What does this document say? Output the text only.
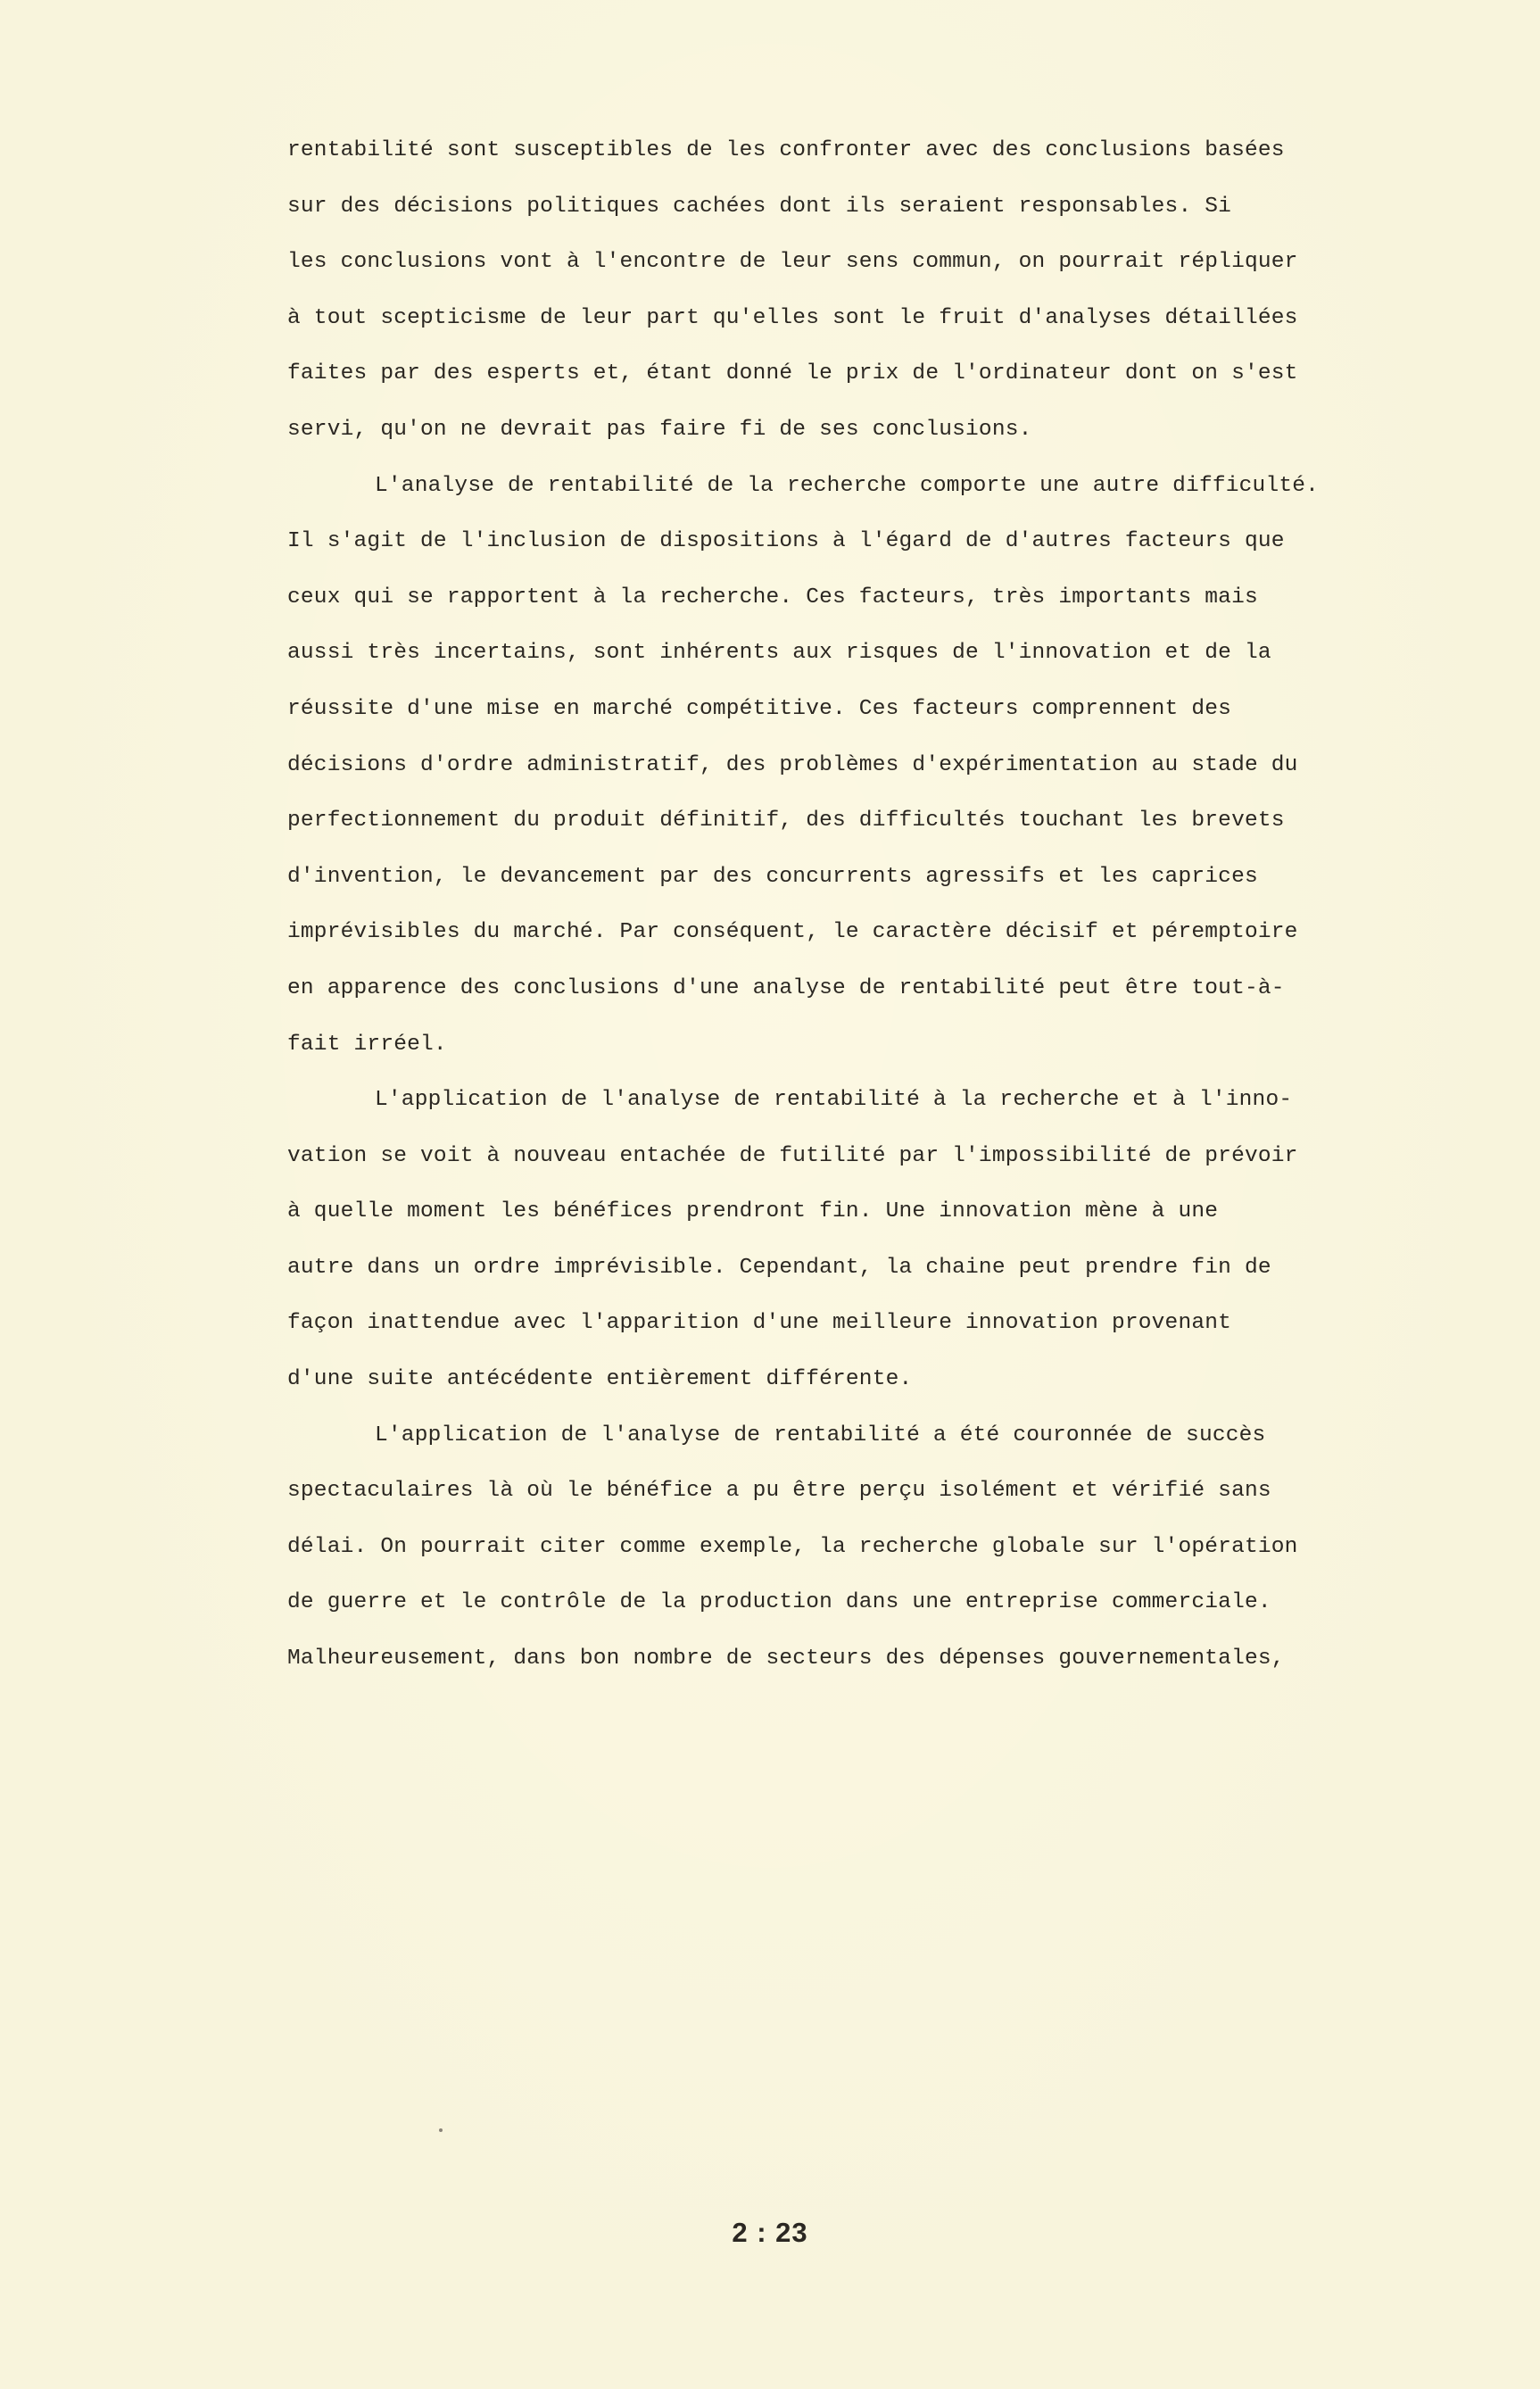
rentabilité sont susceptibles de les confronter avec des conclusions basées
sur des décisions politiques cachées dont ils seraient responsables. Si
les conclusions vont à l'encontre de leur sens commun, on pourrait répliquer
à tout scepticisme de leur part qu'elles sont le fruit d'analyses détaillées
faites par des esperts et, étant donné le prix de l'ordinateur dont on s'est
servi, qu'on ne devrait pas faire fi de ses conclusions.
L'analyse de rentabilité de la recherche comporte une autre difficulté.
Il s'agit de l'inclusion de dispositions à l'égard de d'autres facteurs que
ceux qui se rapportent à la recherche. Ces facteurs, très importants mais
aussi très incertains, sont inhérents aux risques de l'innovation et de la
réussite d'une mise en marché compétitive. Ces facteurs comprennent des
décisions d'ordre administratif, des problèmes d'expérimentation au stade du
perfectionnement du produit définitif, des difficultés touchant les brevets
d'invention, le devancement par des concurrents agressifs et les caprices
imprévisibles du marché. Par conséquent, le caractère décisif et péremptoire
en apparence des conclusions d'une analyse de rentabilité peut être tout-à-
fait irréel.
L'application de l'analyse de rentabilité à la recherche et à l'inno-
vation se voit à nouveau entachée de futilité par l'impossibilité de prévoir
à quelle moment les bénéfices prendront fin. Une innovation mène à une
autre dans un ordre imprévisible. Cependant, la chaine peut prendre fin de
façon inattendue avec l'apparition d'une meilleure innovation provenant
d'une suite antécédente entièrement différente.
L'application de l'analyse de rentabilité a été couronnée de succès
spectaculaires là où le bénéfice a pu être perçu isolément et vérifié sans
délai. On pourrait citer comme exemple, la recherche globale sur l'opération
de guerre et le contrôle de la production dans une entreprise commerciale.
Malheureusement, dans bon nombre de secteurs des dépenses gouvernementales,
2 : 23
